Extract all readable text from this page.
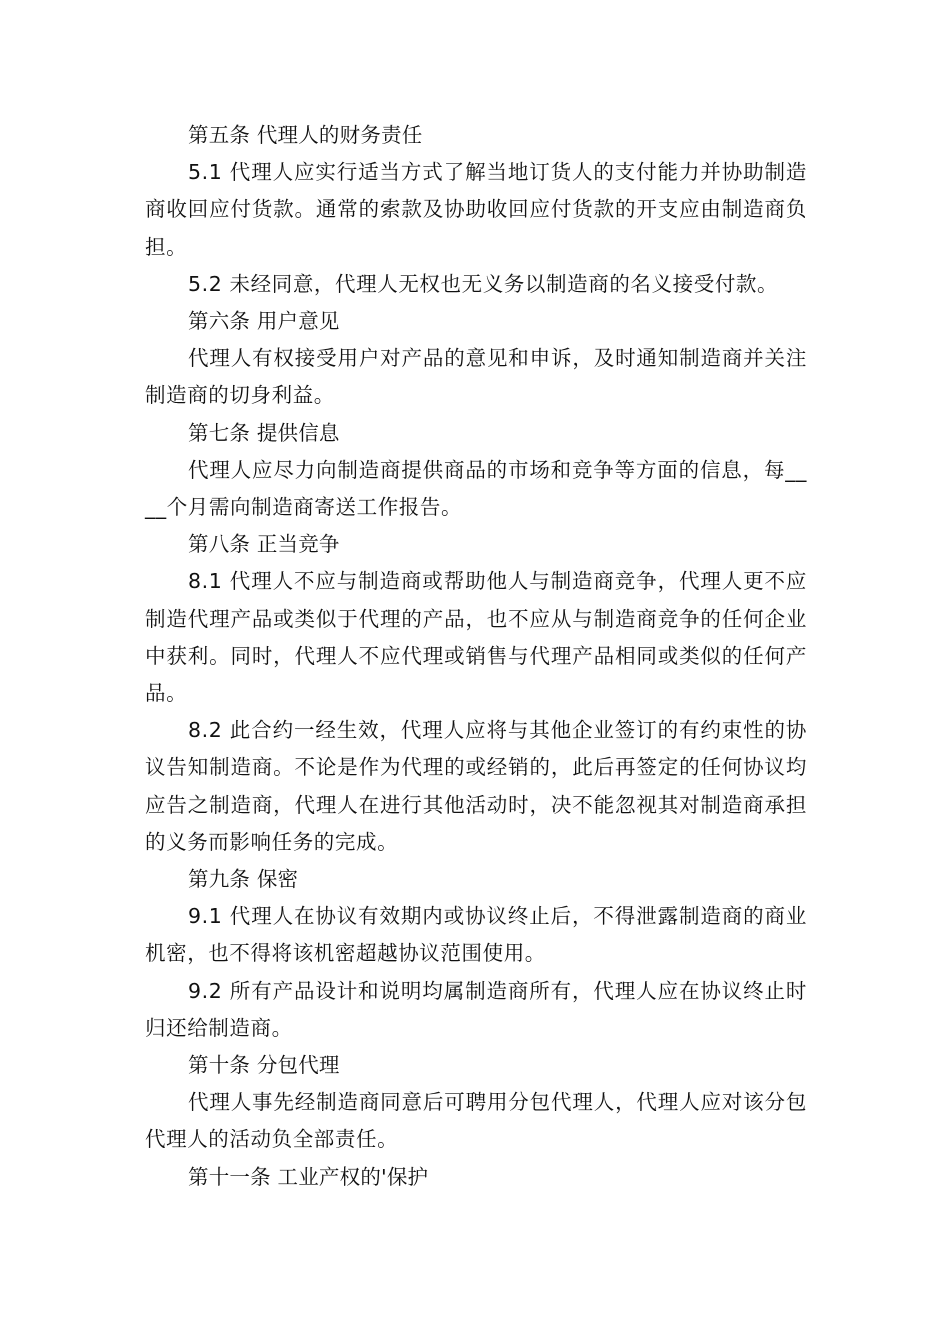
第五条 代理人的财务责任

5.1 代理人应实行适当方式了解当地订货人的支付能力并协助制造商收回应付货款。通常的索款及协助收回应付货款的开支应由制造商负担。

5.2 未经同意，代理人无权也无义务以制造商的名义接受付款。

第六条 用户意见

代理人有权接受用户对产品的意见和申诉，及时通知制造商并关注制造商的切身利益。

第七条 提供信息

代理人应尽力向制造商提供商品的市场和竞争等方面的信息，每____个月需向制造商寄送工作报告。

第八条 正当竞争

8.1 代理人不应与制造商或帮助他人与制造商竞争，代理人更不应制造代理产品或类似于代理的产品，也不应从与制造商竞争的任何企业中获利。同时，代理人不应代理或销售与代理产品相同或类似的任何产品。

8.2 此合约一经生效，代理人应将与其他企业签订的有约束性的协议告知制造商。不论是作为代理的或经销的，此后再签定的任何协议均应告之制造商，代理人在进行其他活动时，决不能忽视其对制造商承担的义务而影响任务的完成。

第九条 保密

9.1 代理人在协议有效期内或协议终止后，不得泄露制造商的商业机密，也不得将该机密超越协议范围使用。

9.2 所有产品设计和说明均属制造商所有，代理人应在协议终止时归还给制造商。

第十条 分包代理

代理人事先经制造商同意后可聘用分包代理人，代理人应对该分包代理人的活动负全部责任。

第十一条 工业产权的'保护
